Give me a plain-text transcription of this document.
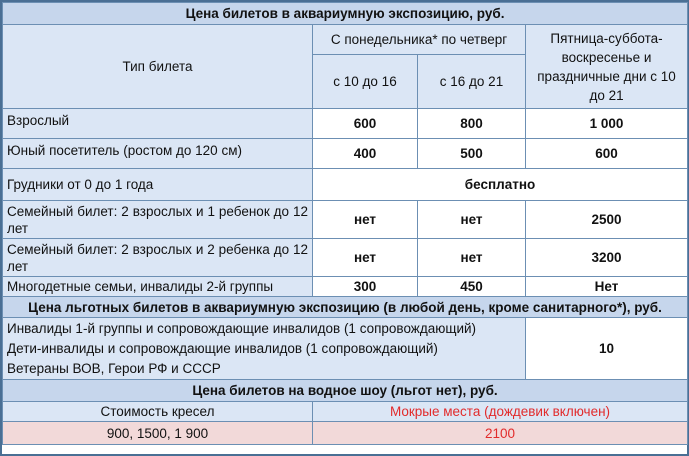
Цена билетов в аквариумную экспозицию, руб.			
Тип билета	С понедельника* по четверг		Пятница-суббота-воскресенье и праздничные дни с 10 до 21
	с 10 до 16	с 16 до 21	
Взрослый	600	800	1 000
Юный посетитель (ростом до 120 см)	400	500	600
Грудники от 0 до 1 года	бесплатно		
Семейный билет: 2 взрослых и 1 ребенок до 12 лет	нет	нет	2500
Семейный билет: 2 взрослых и 2 ребенка до 12 лет	нет	нет	3200
Многодетные семьи, инвалиды 2-й группы	300	450	Нет
Цена льготных билетов в аквариумную экспозицию (в любой день, кроме санитарного*), руб.			

Инвалиды 1-й группы и сопровождающие инвалидов (1 сопровождающий)
Дети-инвалиды и сопровождающие инвалидов (1 сопровождающий)
Ветераны ВОВ, Герои РФ и СССР			10
Цена билетов на водное шоу (льгот нет), руб.			
Стоимость кресел	Мокрые места (дождевик включен)		
900, 1500, 1 900	2100		
